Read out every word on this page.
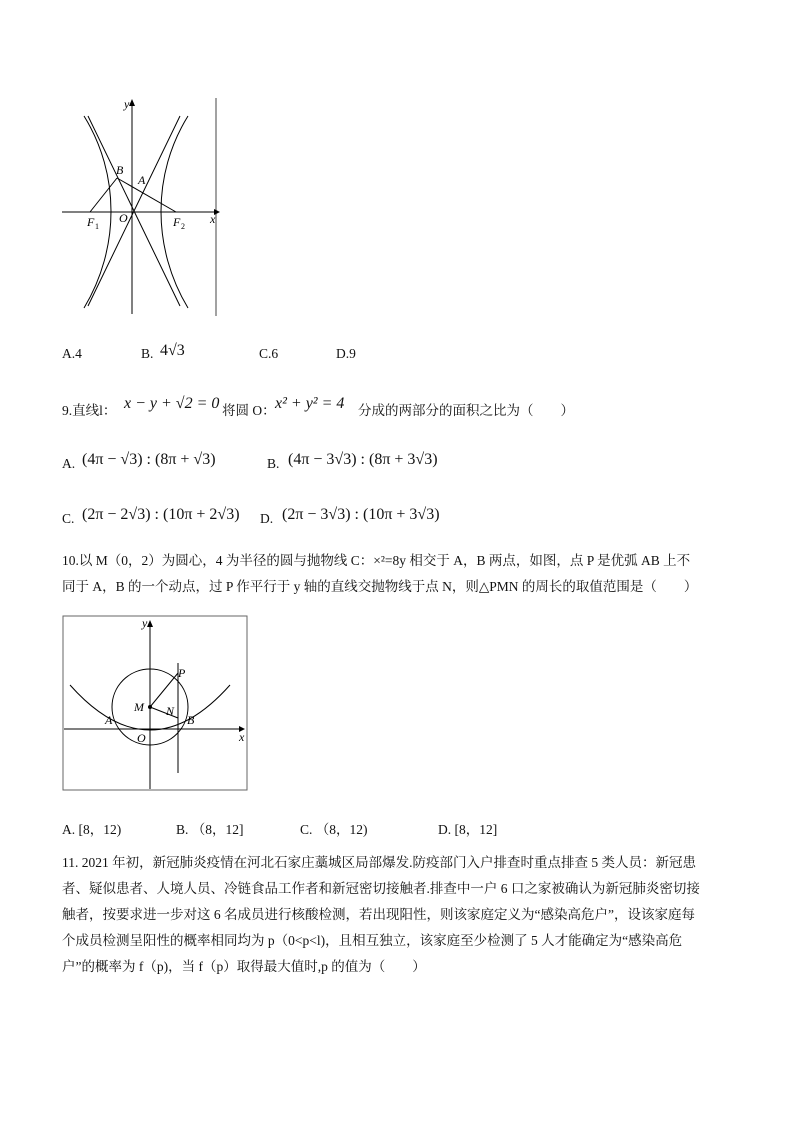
y
x
O
A
B
F 1	F 2
A.4	B. 4√3	C.6	D.9
9.直线l： x − y + √2 = 0 将圆 O： x² + y² = 4 分成的两部分的面积之比为（　　）
A. (4π − √3) : (8π + √3)	B. (4π − 3√3) : (8π + 3√3)
C. (2π − 2√3) : (10π + 2√3) D. (2π − 3√3) : (10π + 3√3)
10.以 M（0，2）为圆心，4 为半径的圆与抛物线 C：×²=8y 相交于 A，B 两点，如图，点 P 是优弧 AB 上不
同于 A，B 的一个动点，过 P 作平行于 y 轴的直线交抛物线于点 N，则△PMN 的周长的取值范围是（　　）
y
x
M N
P
A	B
O
A. [8，12)	B. （8，12]	C. （8，12)	D. [8，12]
11. 2021 年初，新冠肺炎疫情在河北石家庄藁城区局部爆发.防疫部门入户排查时重点排查 5 类人员：新冠患
者、疑似患者、人境人员、冷链食品工作者和新冠密切接触者.排查中一户 6 口之家被确认为新冠肺炎密切接
触者，按要求进一步对这 6 名成员进行核酸检测，若出现阳性，则该家庭定义为“感染高危户”，设该家庭每
个成员检测呈阳性的概率相同均为 p（0<p<l)，且相互独立，该家庭至少检测了 5 人才能确定为“感染高危
户”的概率为 f（p)，当 f（p）取得最大值时,p 的值为（　　）
